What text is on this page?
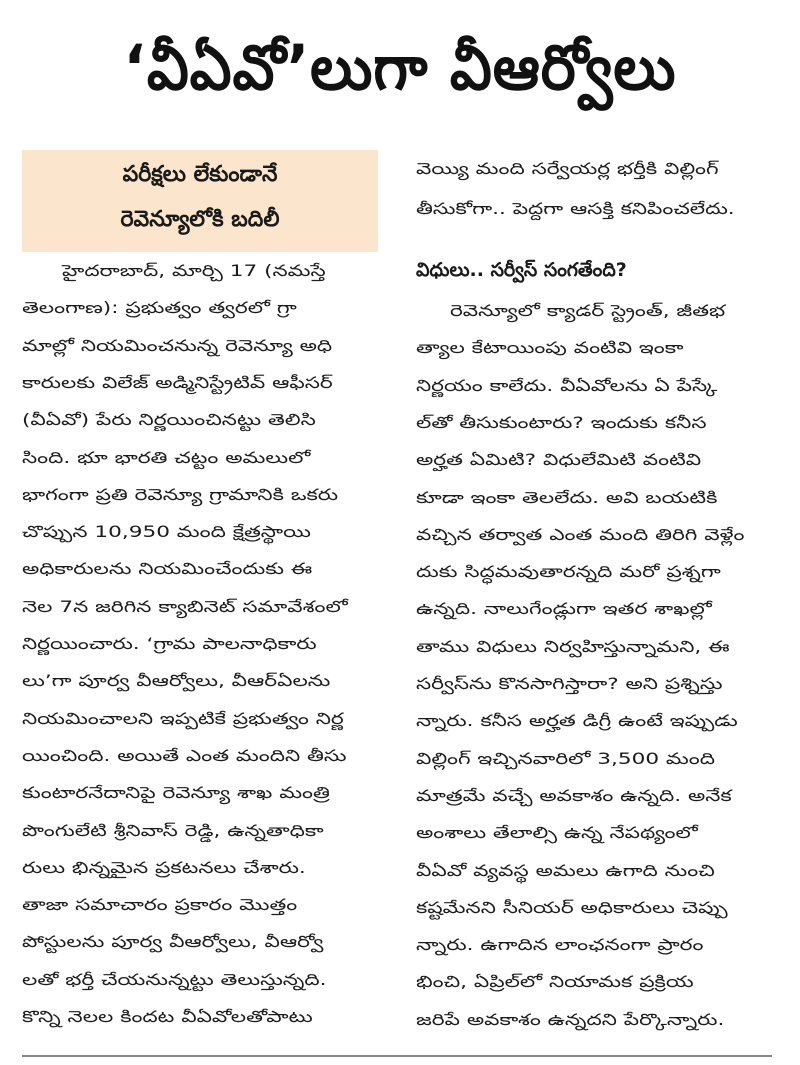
‘వీఏవో’లుగా వీఆర్వోలు
పరీక్షలు లేకుండానే
రెవెన్యూలోకి బదిలీ
హైదరాబాద్‌, మార్చి 17 (నమస్తే
తెలంగాణ): ప్రభుత్వం త్వరలో గ్రా
మాల్లో నియమించనున్న రెవెన్యూ అధి
కారులకు విలేజ్‌ అడ్మినిస్ట్రేటివ్‌ ఆఫీసర్‌
(వీఏవో) పేరు నిర్ణయించినట్టు తెలిసి
సింది. భూ భారతి చట్టం అమలులో
భాగంగా ప్రతి రెవెన్యూ గ్రామానికి ఒకరు
చొప్పున 10,950 మంది క్షేత్రస్థాయి
అధికారులను నియమించేందుకు ఈ
నెల 7న జరిగిన క్యాబినెట్‌ సమావేశంలో
నిర్ణయించారు. ‘గ్రామ పాలనాధికారు
లు’గా పూర్వ వీఆర్వోలు, వీఆర్‌ఏలను
నియమించాలని ఇప్పటికే ప్రభుత్వం నిర్ణ
యించింది. అయితే ఎంత మందిని తీసు
కుంటారనేదానిపై రెవెన్యూ శాఖ మంత్రి
పొంగులేటి శ్రీనివాస్‌ రెడ్డి, ఉన్నతాధికా
రులు భిన్నమైన ప్రకటనలు చేశారు.
తాజా సమాచారం ప్రకారం మొత్తం
పోస్టులను పూర్వ వీఆర్వోలు, వీఆర్వో
లతో భర్తీ చేయనున్నట్టు తెలుస్తున్నది.
కొన్ని నెలల కిందట వీఏవోలతోపాటు
వెయ్యి మంది సర్వేయర్ల భర్తీకి విల్లింగ్‌
తీసుకోగా.. పెద్దగా ఆసక్తి కనిపించలేదు.
విధులు.. సర్వీస్‌ సంగతేంది?
రెవెన్యూలో క్యాడర్‌ స్ట్రెంత్‌, జీతభ
త్యాల కేటాయింపు వంటివి ఇంకా
నిర్ణయం కాలేదు. వీఏవోలను ఏ పేస్కే
ల్‌తో తీసుకుంటారు? ఇందుకు కనీస
అర్హత ఏమిటి? విధులేమిటి వంటివి
కూడా ఇంకా తెలలేదు. అవి బయటికి
వచ్చిన తర్వాత ఎంత మంది తిరిగి వెళ్లేం
దుకు సిద్ధమవుతారన్నది మరో ప్రశ్నగా
ఉన్నది. నాలుగేండ్లుగా ఇతర శాఖల్లో
తాము విధులు నిర్వహిస్తున్నామని, ఈ
సర్వీస్‌ను కొనసాగిస్తారా? అని ప్రశ్నిస్తు
న్నారు. కనీస అర్హత డిగ్రీ ఉంటే ఇప్పుడు
విల్లింగ్‌ ఇచ్చినవారిలో 3,500 మంది
మాత్రమే వచ్చే అవకాశం ఉన్నది. అనేక
అంశాలు తేలాల్సి ఉన్న నేపథ్యంలో
వీఏవో వ్యవస్థ అమలు ఉగాది నుంచి
కష్టమేనని సీనియర్‌ అధికారులు చెప్పు
న్నారు. ఉగాదిన లాంఛనంగా ప్రారం
భించి, ఏప్రిల్‌లో నియామక ప్రక్రియ
జరిపే అవకాశం ఉన్నదని పేర్కొన్నారు.
